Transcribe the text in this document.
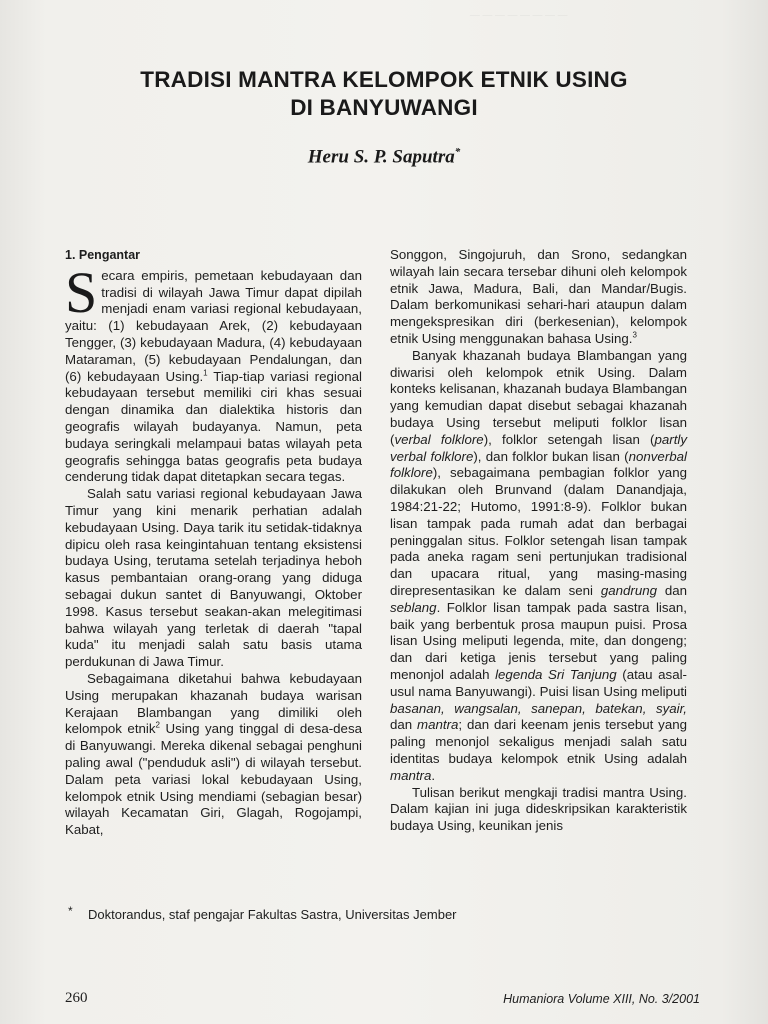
— — — — — — — —
TRADISI MANTRA KELOMPOK ETNIK USING
DI BANYUWANGI
Heru S. P. Saputra*
1. Pengantar

Secara empiris, pemetaan kebudayaan dan tradisi di wilayah Jawa Timur dapat dipilah menjadi enam variasi regional kebudayaan, yaitu: (1) kebudayaan Arek, (2) kebudayaan Tengger, (3) kebudayaan Madura, (4) kebudayaan Mataraman, (5) kebudayaan Pendalungan, dan (6) kebudayaan Using.$^1$ Tiap-tiap variasi regional kebudayaan tersebut memiliki ciri khas sesuai dengan dinamika dan dialektika historis dan geografis wilayah budayanya. Namun, peta budaya seringkali melampaui batas wilayah peta geografis sehingga batas geografis peta budaya cenderung tidak dapat ditetapkan secara tegas.

Salah satu variasi regional kebudayaan Jawa Timur yang kini menarik perhatian adalah kebudayaan Using. Daya tarik itu setidak-tidaknya dipicu oleh rasa keingintahuan tentang eksistensi budaya Using, terutama setelah terjadinya heboh kasus pembantaian orang-orang yang diduga sebagai dukun santet di Banyuwangi, Oktober 1998. Kasus tersebut seakan-akan melegitimasi bahwa wilayah yang terletak di daerah "tapal kuda" itu menjadi salah satu basis utama perdukunan di Jawa Timur.

Sebagaimana diketahui bahwa kebudayaan Using merupakan khazanah budaya warisan Kerajaan Blambangan yang dimiliki oleh kelompok etnik$^2$ Using yang tinggal di desa-desa di Banyuwangi. Mereka dikenal sebagai penghuni paling awal ("penduduk asli") di wilayah tersebut. Dalam peta variasi lokal kebudayaan Using, kelompok etnik Using mendiami (sebagian besar) wilayah Kecamatan Giri, Glagah, Rogojampi, Kabat,

Songgon, Singojuruh, dan Srono, sedangkan wilayah lain secara tersebar dihuni oleh kelompok etnik Jawa, Madura, Bali, dan Mandar/Bugis. Dalam berkomunikasi sehari-hari ataupun dalam mengekspresikan diri (berkesenian), kelompok etnik Using menggunakan bahasa Using.$^3$

Banyak khazanah budaya Blambangan yang diwarisi oleh kelompok etnik Using. Dalam konteks kelisanan, khazanah budaya Blambangan yang kemudian dapat disebut sebagai khazanah budaya Using tersebut meliputi folklor lisan (verbal folklore), folklor setengah lisan (partly verbal folklore), dan folklor bukan lisan (nonverbal folklore), sebagaimana pembagian folklor yang dilakukan oleh Brunvand (dalam Danandjaja, 1984:21-22; Hutomo, 1991:8-9). Folklor bukan lisan tampak pada rumah adat dan berbagai peninggalan situs. Folklor setengah lisan tampak pada aneka ragam seni pertunjukan tradisional dan upacara ritual, yang masing-masing direpresentasikan ke dalam seni gandrung dan seblang. Folklor lisan tampak pada sastra lisan, baik yang berbentuk prosa maupun puisi. Prosa lisan Using meliputi legenda, mite, dan dongeng; dan dari ketiga jenis tersebut yang paling menonjol adalah legenda Sri Tanjung (atau asal-usul nama Banyuwangi). Puisi lisan Using meliputi basanan, wangsalan, sanepan, batekan, syair, dan mantra; dan dari keenam jenis tersebut yang paling menonjol sekaligus menjadi salah satu identitas budaya kelompok etnik Using adalah mantra.

Tulisan berikut mengkaji tradisi mantra Using. Dalam kajian ini juga dideskripsikan karakteristik budaya Using, keunikan jenis

* Doktorandus, staf pengajar Fakultas Sastra, Universitas Jember
260	Humaniora Volume XIII, No. 3/2001
